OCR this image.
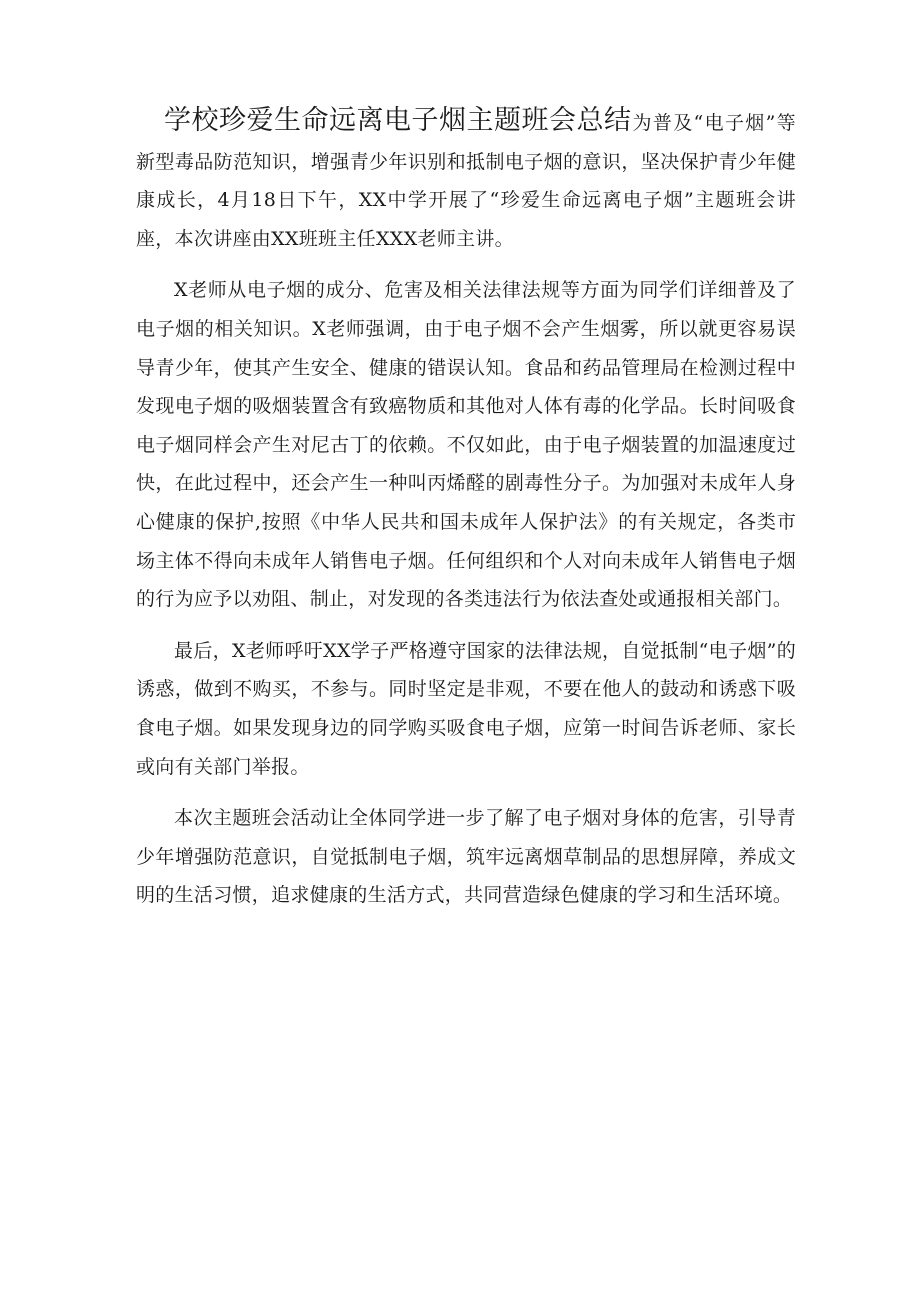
学校珍爱生命远离电子烟主题班会总结为普及“电子烟”等新型毒品防范知识，增强青少年识别和抵制电子烟的意识，坚决保护青少年健康成长，4月18日下午，XX中学开展了“珍爱生命远离电子烟”主题班会讲座，本次讲座由XX班班主任XXX老师主讲。

X老师从电子烟的成分、危害及相关法律法规等方面为同学们详细普及了电子烟的相关知识。X老师强调，由于电子烟不会产生烟雾，所以就更容易误导青少年，使其产生安全、健康的错误认知。食品和药品管理局在检测过程中发现电子烟的吸烟装置含有致癌物质和其他对人体有毒的化学品。长时间吸食电子烟同样会产生对尼古丁的依赖。不仅如此，由于电子烟装置的加温速度过快，在此过程中，还会产生一种叫丙烯醛的剧毒性分子。为加强对未成年人身心健康的保护,按照《中华人民共和国未成年人保护法》的有关规定，各类市场主体不得向未成年人销售电子烟。任何组织和个人对向未成年人销售电子烟的行为应予以劝阻、制止，对发现的各类违法行为依法查处或通报相关部门。

最后，X老师呼吁XX学子严格遵守国家的法律法规，自觉抵制“电子烟”的诱惑，做到不购买，不参与。同时坚定是非观，不要在他人的鼓动和诱惑下吸食电子烟。如果发现身边的同学购买吸食电子烟，应第一时间告诉老师、家长或向有关部门举报。

本次主题班会活动让全体同学进一步了解了电子烟对身体的危害，引导青少年增强防范意识，自觉抵制电子烟，筑牢远离烟草制品的思想屏障，养成文明的生活习惯，追求健康的生活方式，共同营造绿色健康的学习和生活环境。
